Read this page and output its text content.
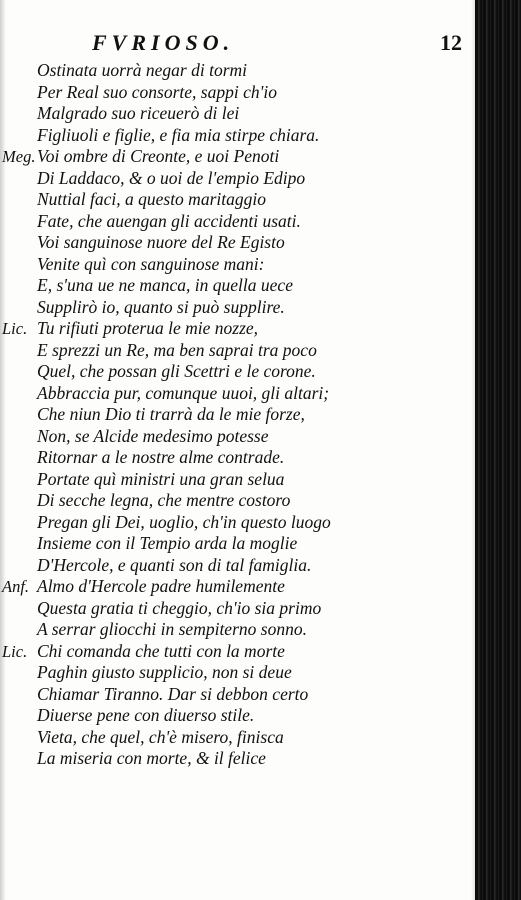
FVRIOSO.	12
Ostinata uorrà negar di tormi
Per Real suo consorte, sappi ch'io
Malgrado suo riceuerò di lei
Figliuoli e figlie, e fia mia stirpe chiara.
Meg. Voi ombre di Creonte, e uoi Penoti
Di Laddaco, & o uoi de l'empio Edipo
Nuttial faci, a questo maritaggio
Fate, che auengan gli accidenti usati.
Voi sanguinose nuore del Re Egisto
Venite quì con sanguinose mani:
E, s'una ue ne manca, in quella uece
Supplirò io, quanto si può supplire.
Lic. Tu rifiuti proterua le mie nozze,
E sprezzi un Re, ma ben saprai tra poco
Quel, che possan gli Scettri e le corone.
Abbraccia pur, comunque uuoi, gli altari;
Che niun Dio ti trarrà da le mie forze,
Non, se Alcide medesimo potesse
Ritornar a le nostre alme contrade.
Portate quì ministri una gran selua
Di secche legna, che mentre costoro
Pregan gli Dei, uoglio, ch'in questo luogo
Insieme con il Tempio arda la moglie
D'Hercole, e quanti son di tal famiglia.
Anf. Almo d'Hercole padre humilemente
Questa gratia ti cheggio, ch'io sia primo
A serrar gliocchi in sempiterno sonno.
Lic. Chi comanda che tutti con la morte
Paghin giusto supplicio, non si deue
Chiamar Tiranno. Dar si debbon certo
Diuerse pene con diuerso stile.
Vieta, che quel, ch'è misero, finisca
La miseria con morte, & il felice
